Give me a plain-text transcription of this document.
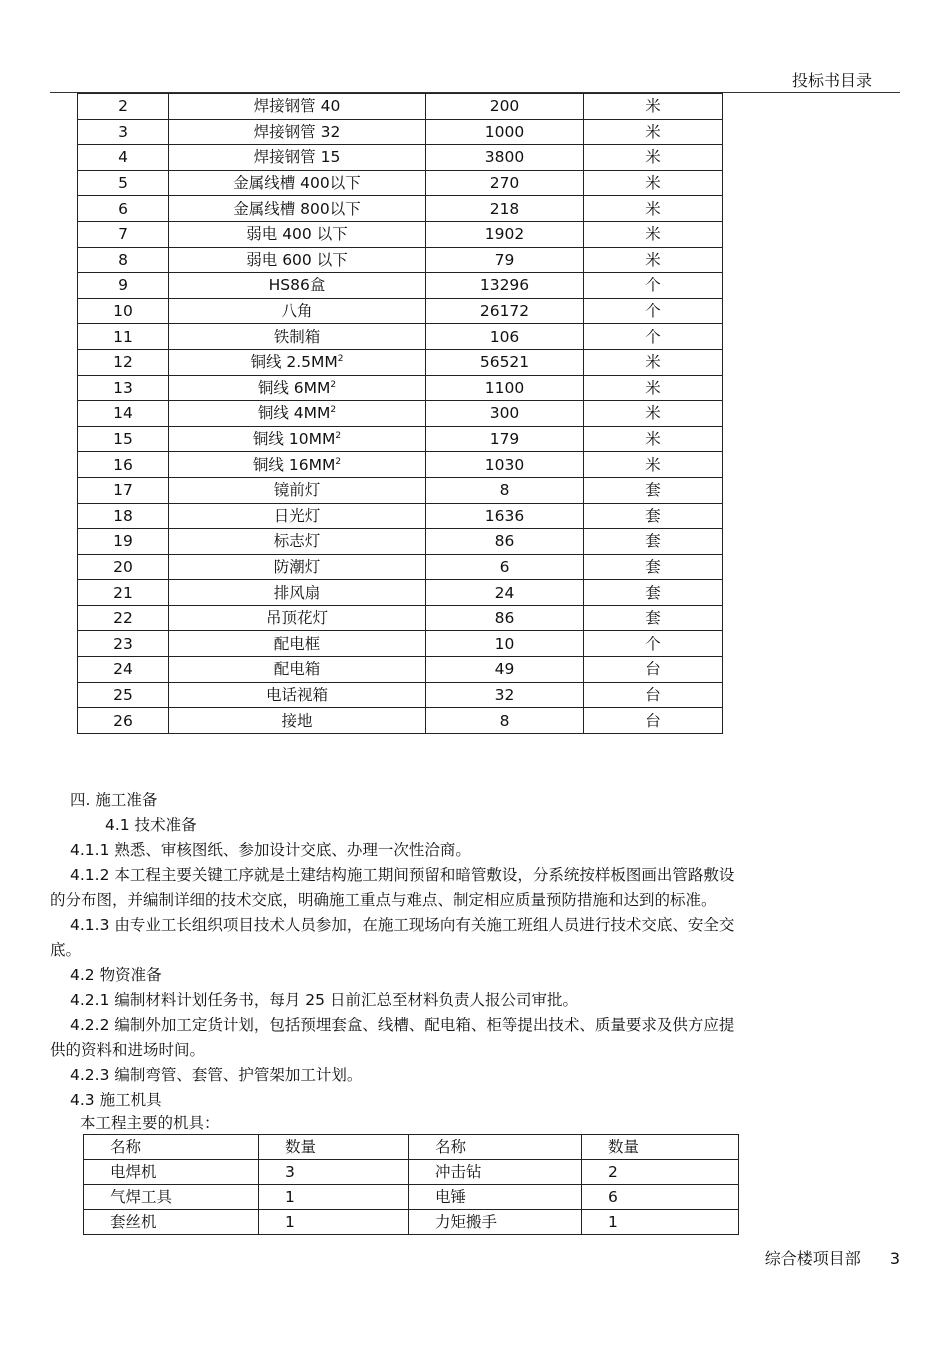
投标书目录
2	焊接钢管 40	200	米
3	焊接钢管 32	1000	米
4	焊接钢管 15	3800	米
5	金属线槽 400以下	270	米
6	金属线槽 800以下	218	米
7	弱电 400 以下	1902	米
8	弱电 600 以下	79	米
9	HS86盒	13296	个
10	八角	26172	个
11	铁制箱	106	个
12	铜线 $2.5MM^2$	56521	米
13	铜线 $6MM^2$	1100	米
14	铜线 $4MM^2$	300	米
15	铜线 $10MM^2$	179	米
16	铜线 $16MM^2$	1030	米
17	镜前灯	8	套
18	日光灯	1636	套
19	标志灯	86	套
20	防潮灯	6	套
21	排风扇	24	套
22	吊顶花灯	86	套
23	配电框	10	个
24	配电箱	49	台
25	电话视箱	32	台
26	接地	8	台
四. 施工准备
4.1 技术准备
4.1.1 熟悉、审核图纸、参加设计交底、办理一次性洽商。
4.1.2 本工程主要关键工序就是土建结构施工期间预留和暗管敷设，分系统按样板图画出管路敷设
的分布图，并编制详细的技术交底，明确施工重点与难点、制定相应质量预防措施和达到的标准。
4.1.3 由专业工长组织项目技术人员参加，在施工现场向有关施工班组人员进行技术交底、安全交
底。
4.2 物资准备
4.2.1 编制材料计划任务书，每月 25 日前汇总至材料负责人报公司审批。
4.2.2 编制外加工定货计划，包括预埋套盒、线槽、配电箱、柜等提出技术、质量要求及供方应提
供的资料和进场时间。
4.2.3 编制弯管、套管、护管架加工计划。
4.3 施工机具
本工程主要的机具：
名称	数量	名称	数量
电焊机	3	冲击钻	2
气焊工具	1	电锤	6
套丝机	1	力矩搬手	1
综合楼项目部 3
